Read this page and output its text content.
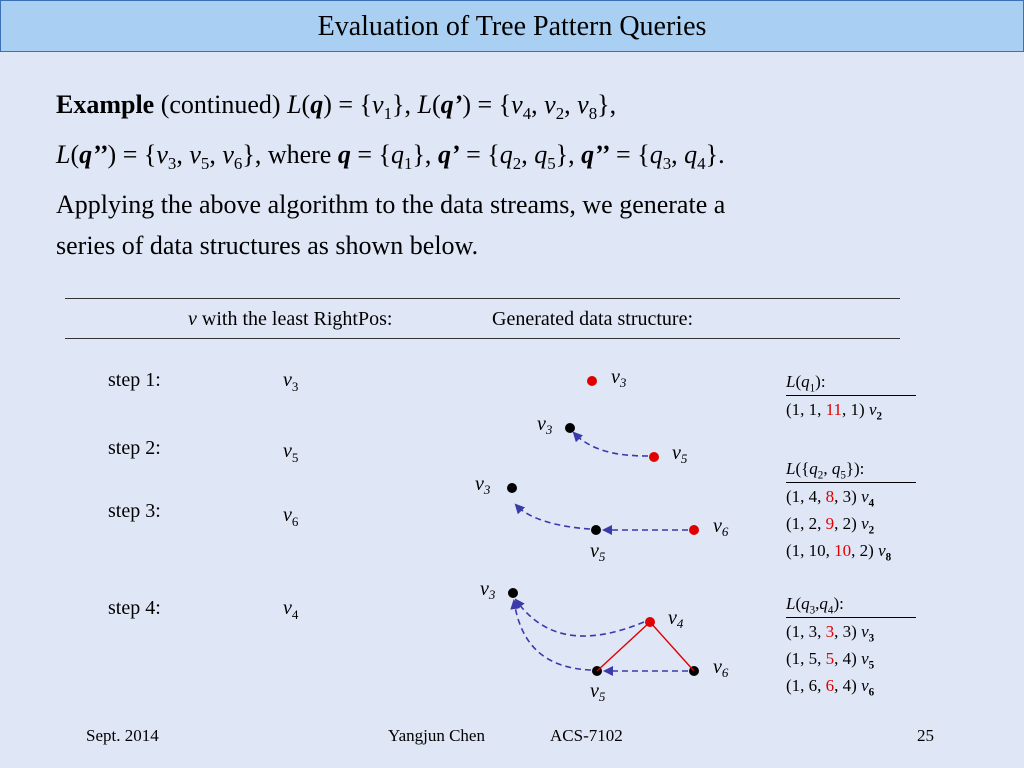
Evaluation of Tree Pattern Queries

Example (continued) $L(q) = \{v_1\}$, L(q’) = {$v_4$, $v_2$, $v_8$},

L(q’’) = {$v_3$, $v_5$, $v_6$}, where $q = \{q_1\}$, q’ = {$q_2$, $q_5$}, q’’ = {$q_3$, $q_4$}.

Applying the above algorithm to the data streams, we generate a

series of data structures as shown below.

v with the least RightPos:	Generated data structure:
step 1:	$v_3$
step 2:	$v_5$
step 3:	$v_6$
step 4:	$v_4$
$v_3$
$v_3$
$v_5$
$v_3$
$v_5$
$v_6$
$v_3$
$v_4$
$v_5$
$v_6$
$L(q_1)$:
(1, 1, 11, 1) $v_2$
$L(\{q_2$, $q_5$}):
(1, 4, 8, 3) $v_4$
(1, 2, 9, 2) $v_2$
(1, 10, 10, 2) $v_8$
$L(q_3,q_4)$:
(1, 3, 3, 3) $v_3$
(1, 5, 5, 4) $v_5$
(1, 6, 6, 4) $v_6$
Sept. 2014	Yangjun Chen	ACS-7102	25
